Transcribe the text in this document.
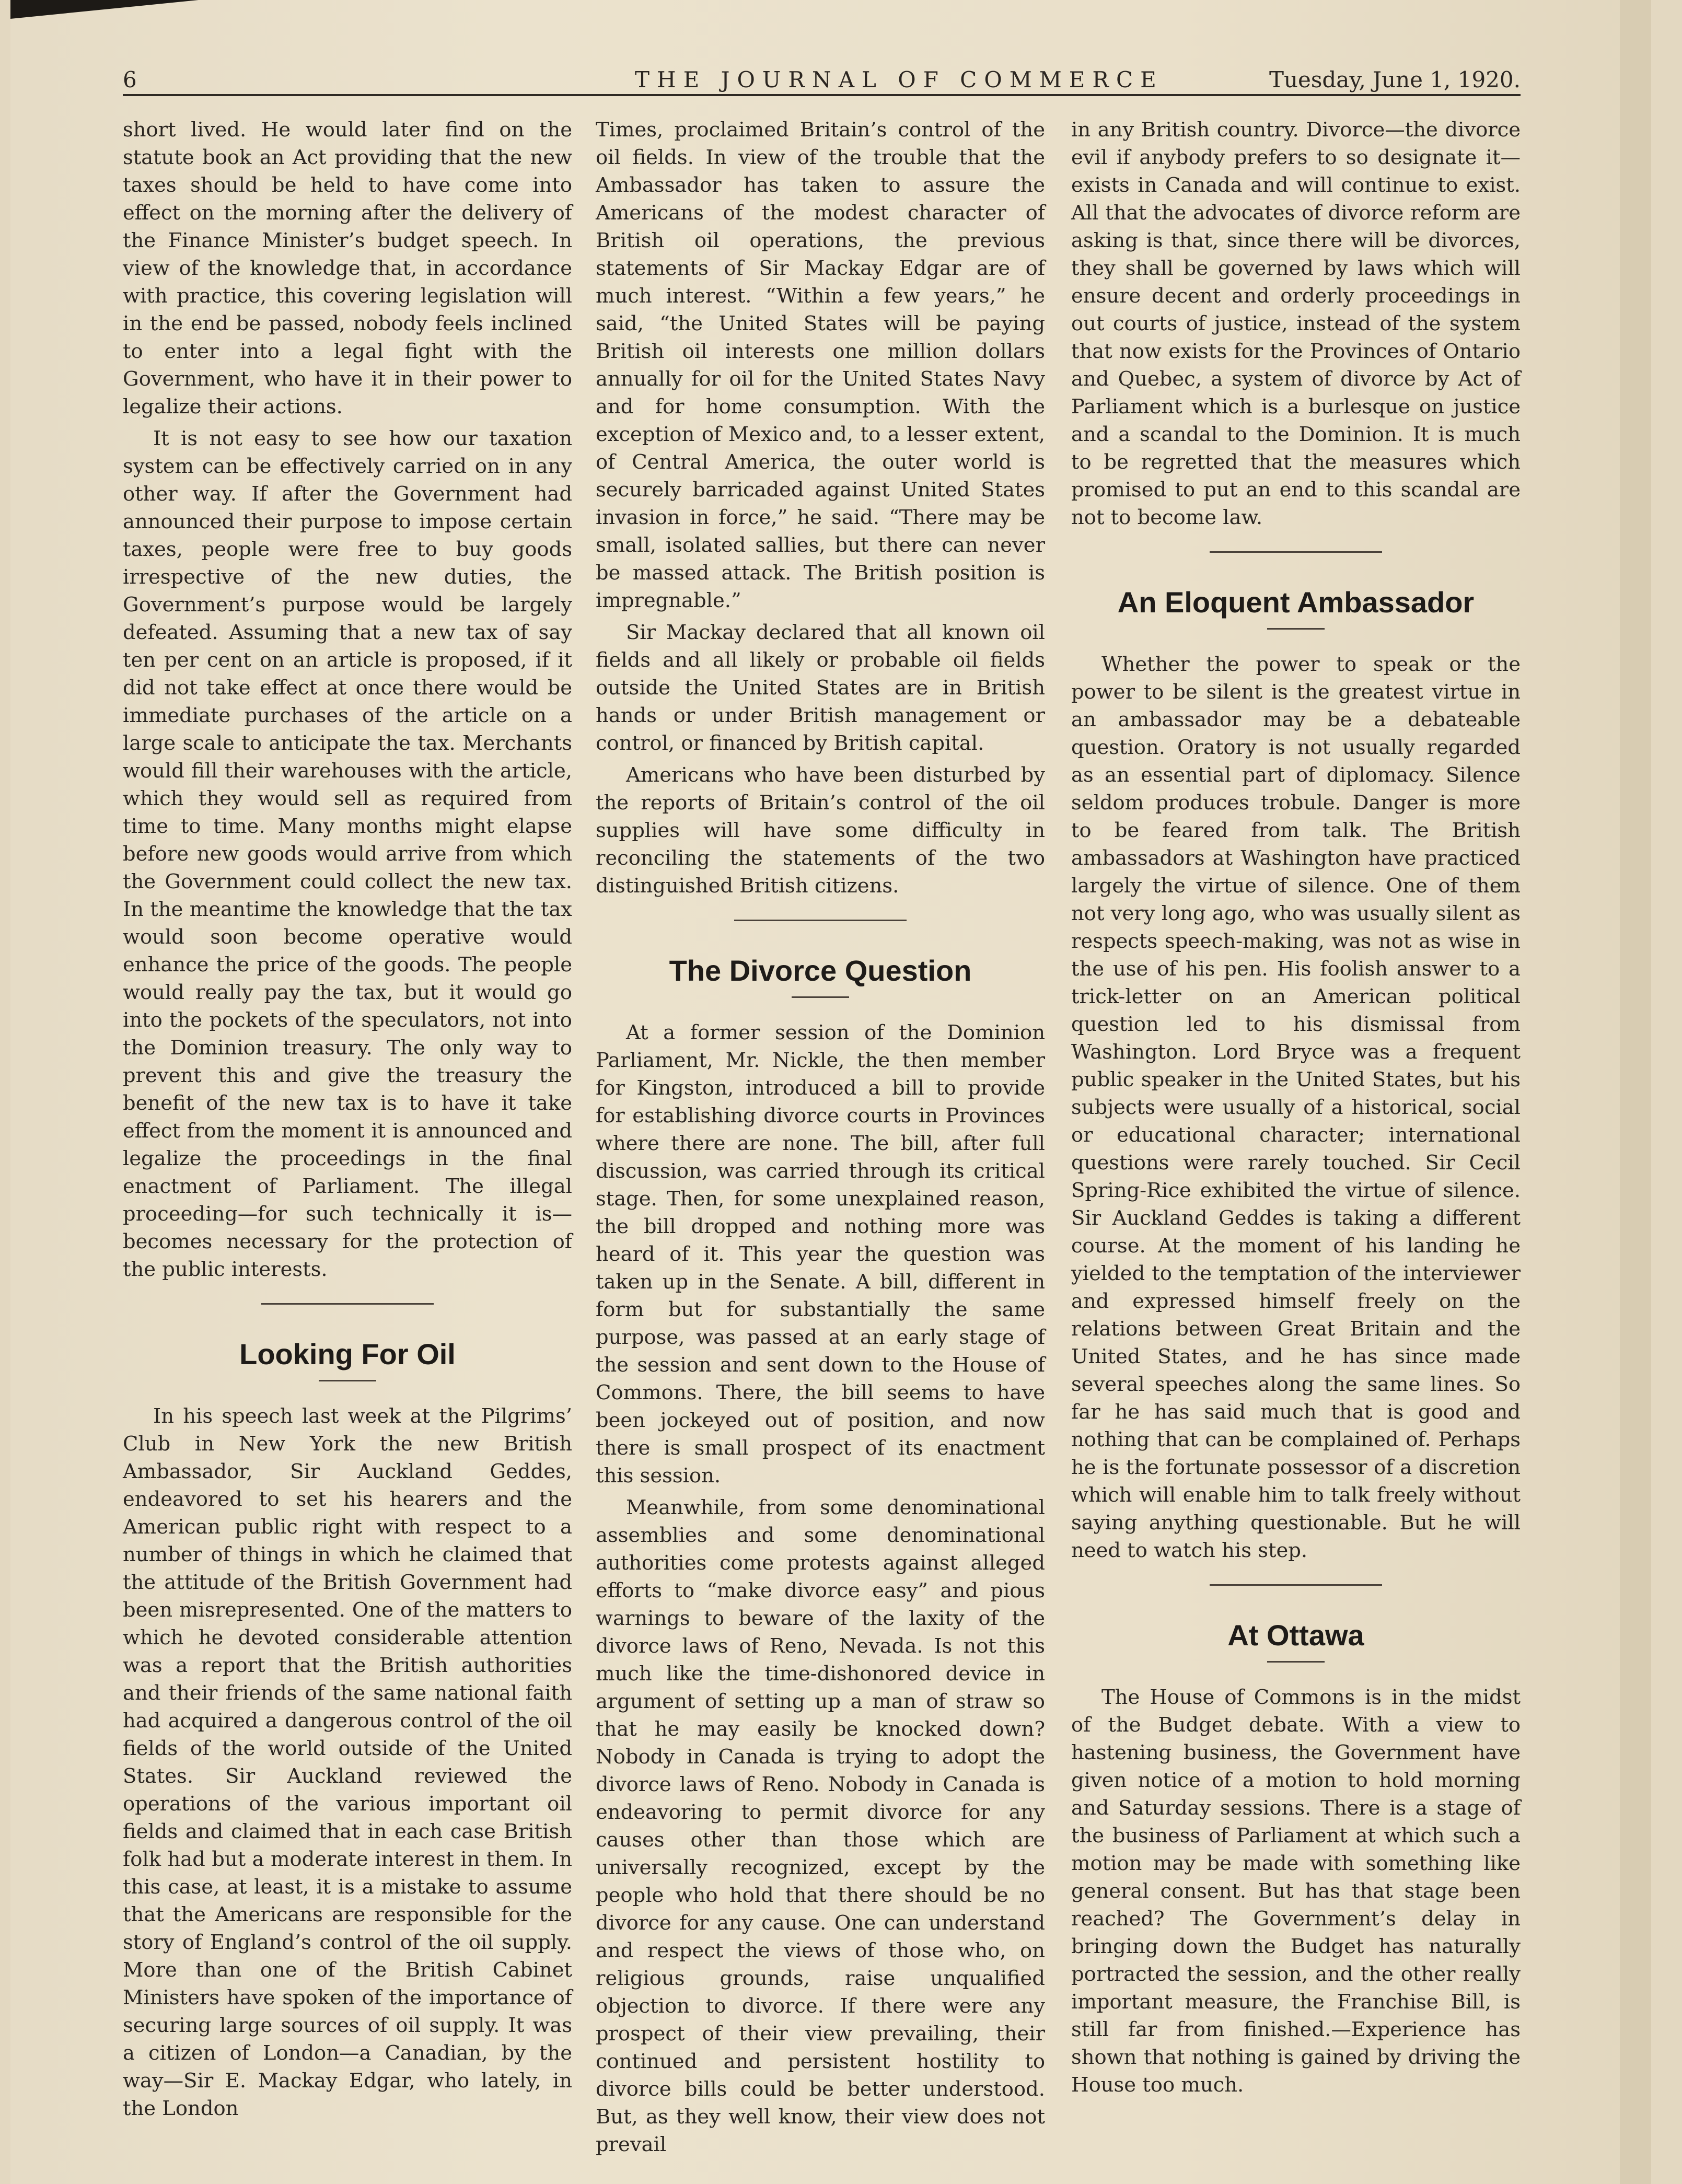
6	THE JOURNAL OF COMMERCE	Tuesday, June 1, 1920.

short lived. He would later find on the statute book an Act providing that the new taxes should be held to have come into effect on the morning after the delivery of the Finance Minister’s budget speech. In view of the knowledge that, in accordance with practice, this covering legislation will in the end be passed, nobody feels inclined to enter into a legal fight with the Government, who have it in their power to legalize their actions.

It is not easy to see how our taxation system can be effectively carried on in any other way. If after the Government had announced their purpose to impose certain taxes, people were free to buy goods irrespective of the new duties, the Government’s purpose would be largely defeated. Assuming that a new tax of say ten per cent on an article is proposed, if it did not take effect at once there would be immediate purchases of the article on a large scale to anticipate the tax. Merchants would fill their warehouses with the article, which they would sell as required from time to time. Many months might elapse before new goods would arrive from which the Government could collect the new tax. In the meantime the knowledge that the tax would soon become operative would enhance the price of the goods. The people would really pay the tax, but it would go into the pockets of the speculators, not into the Dominion treasury. The only way to prevent this and give the treasury the benefit of the new tax is to have it take effect from the moment it is announced and legalize the proceedings in the final enactment of Parliament. The illegal proceeding—for such technically it is—becomes necessary for the protection of the public interests.

Looking For Oil

In his speech last week at the Pilgrims’ Club in New York the new British Ambassador, Sir Auckland Geddes, endeavored to set his hearers and the American public right with respect to a number of things in which he claimed that the attitude of the British Government had been misrepresented. One of the matters to which he devoted considerable attention was a report that the British authorities and their friends of the same national faith had acquired a dangerous control of the oil fields of the world outside of the United States. Sir Auckland reviewed the operations of the various important oil fields and claimed that in each case British folk had but a moderate interest in them. In this case, at least, it is a mistake to assume that the Americans are responsible for the story of England’s control of the oil supply. More than one of the British Cabinet Ministers have spoken of the importance of securing large sources of oil supply. It was a citizen of London—a Canadian, by the way—Sir E. Mackay Edgar, who lately, in the London

Times, proclaimed Britain’s control of the oil fields. In view of the trouble that the Ambassador has taken to assure the Americans of the modest character of British oil operations, the previous statements of Sir Mackay Edgar are of much interest. “Within a few years,” he said, “the United States will be paying British oil interests one million dollars annually for oil for the United States Navy and for home consumption. With the exception of Mexico and, to a lesser extent, of Central America, the outer world is securely barricaded against United States invasion in force,” he said. “There may be small, isolated sallies, but there can never be massed attack. The British position is impregnable.”

Sir Mackay declared that all known oil fields and all likely or probable oil fields outside the United States are in British hands or under British management or control, or financed by British capital.

Americans who have been disturbed by the reports of Britain’s control of the oil supplies will have some difficulty in reconciling the statements of the two distinguished British citizens.

The Divorce Question

At a former session of the Dominion Parliament, Mr. Nickle, the then member for Kingston, introduced a bill to provide for establishing divorce courts in Provinces where there are none. The bill, after full discussion, was carried through its critical stage. Then, for some unexplained reason, the bill dropped and nothing more was heard of it. This year the question was taken up in the Senate. A bill, different in form but for substantially the same purpose, was passed at an early stage of the session and sent down to the House of Commons. There, the bill seems to have been jockeyed out of position, and now there is small prospect of its enactment this session.

Meanwhile, from some denominational assemblies and some denominational authorities come protests against alleged efforts to “make divorce easy” and pious warnings to beware of the laxity of the divorce laws of Reno, Nevada. Is not this much like the time-dishonored device in argument of setting up a man of straw so that he may easily be knocked down? Nobody in Canada is trying to adopt the divorce laws of Reno. Nobody in Canada is endeavoring to permit divorce for any causes other than those which are universally recognized, except by the people who hold that there should be no divorce for any cause. One can understand and respect the views of those who, on religious grounds, raise unqualified objection to divorce. If there were any prospect of their view prevailing, their continued and persistent hostility to divorce bills could be better understood. But, as they well know, their view does not prevail

in any British country. Divorce—the divorce evil if anybody prefers to so designate it—exists in Canada and will continue to exist. All that the advocates of divorce reform are asking is that, since there will be divorces, they shall be governed by laws which will ensure decent and orderly proceedings in out courts of justice, instead of the system that now exists for the Provinces of Ontario and Quebec, a system of divorce by Act of Parliament which is a burlesque on justice and a scandal to the Dominion. It is much to be regretted that the measures which promised to put an end to this scandal are not to become law.

An Eloquent Ambassador

Whether the power to speak or the power to be silent is the greatest virtue in an ambassador may be a debateable question. Oratory is not usually regarded as an essential part of diplomacy. Silence seldom produces trobule. Danger is more to be feared from talk. The British ambassadors at Washington have practiced largely the virtue of silence. One of them not very long ago, who was usually silent as respects speech-making, was not as wise in the use of his pen. His foolish answer to a trick-letter on an American political question led to his dismissal from Washington. Lord Bryce was a frequent public speaker in the United States, but his subjects were usually of a historical, social or educational character; international questions were rarely touched. Sir Cecil Spring-Rice exhibited the virtue of silence. Sir Auckland Geddes is taking a different course. At the moment of his landing he yielded to the temptation of the interviewer and expressed himself freely on the relations between Great Britain and the United States, and he has since made several speeches along the same lines. So far he has said much that is good and nothing that can be complained of. Perhaps he is the fortunate possessor of a discretion which will enable him to talk freely without saying anything questionable. But he will need to watch his step.

At Ottawa

The House of Commons is in the midst of the Budget debate. With a view to hastening business, the Government have given notice of a motion to hold morning and Saturday sessions. There is a stage of the business of Parliament at which such a motion may be made with something like general consent. But has that stage been reached? The Government’s delay in bringing down the Budget has naturally portracted the session, and the other really important measure, the Franchise Bill, is still far from finished.—Experience has shown that nothing is gained by driving the House too much.
